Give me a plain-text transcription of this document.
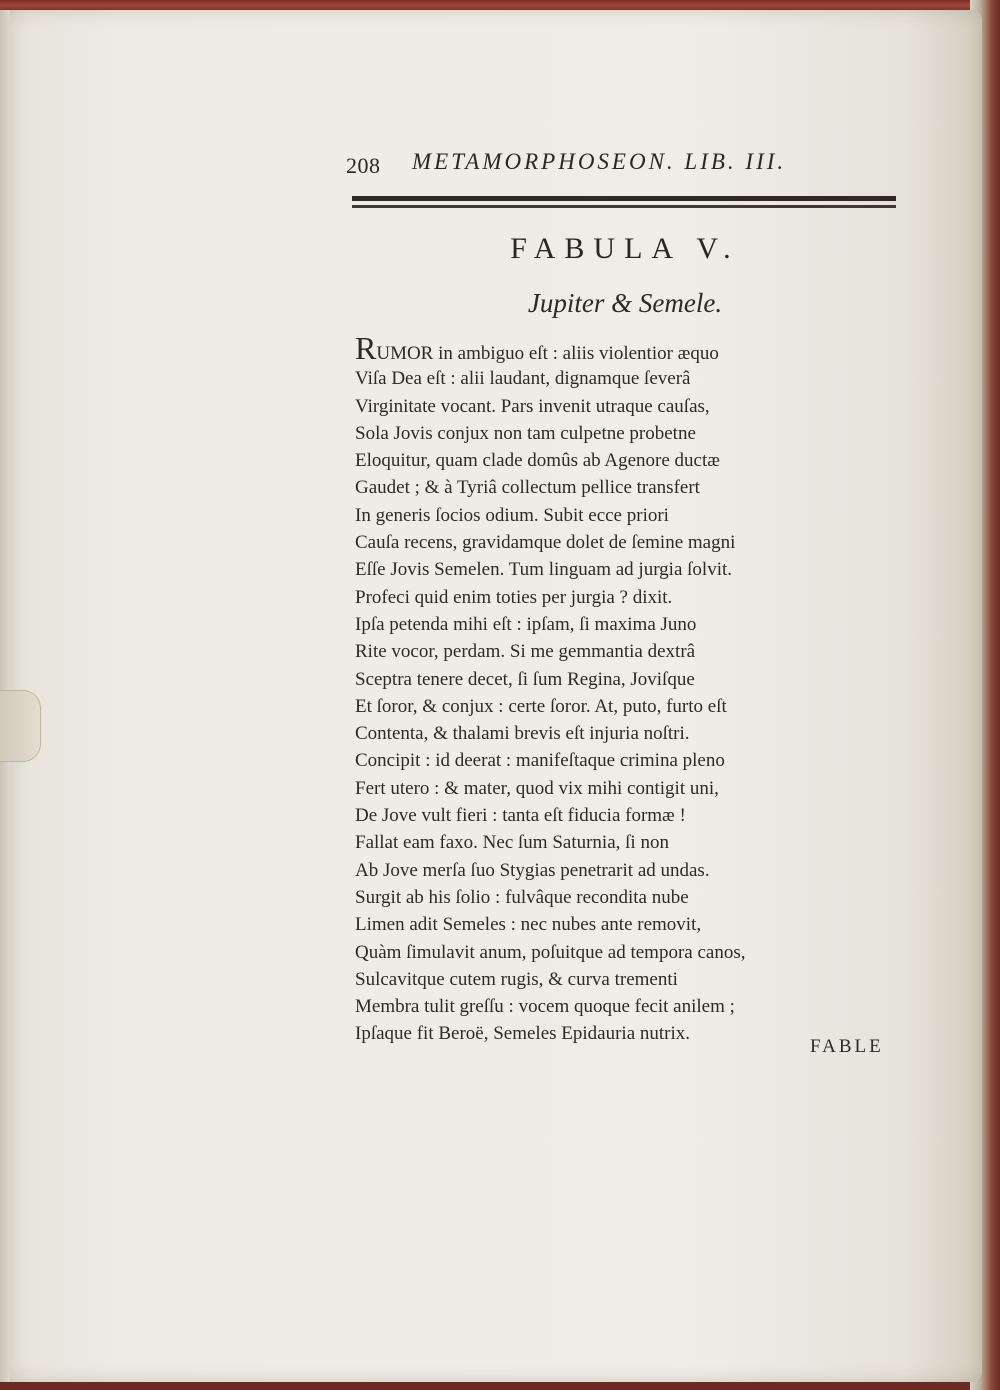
208 METAMORPHOSEON. LIB. III.
FABULA V.
Jupiter & Semele.
RUMOR in ambiguo eſt : aliis violentior æquo
Viſa Dea eſt : alii laudant, dignamque ſeverâ
Virginitate vocant. Pars invenit utraque cauſas,
Sola Jovis conjux non tam culpetne probetne
Eloquitur, quam clade domûs ab Agenore ductæ
Gaudet ; & à Tyriâ collectum pellice transfert
In generis ſocios odium. Subit ecce priori
Cauſa recens, gravidamque dolet de ſemine magni
Eſſe Jovis Semelen. Tum linguam ad jurgia ſolvit.
Profeci quid enim toties per jurgia ? dixit.
Ipſa petenda mihi eſt : ipſam, ſi maxima Juno
Rite vocor, perdam. Si me gemmantia dextrâ
Sceptra tenere decet, ſi ſum Regina, Joviſque
Et ſoror, & conjux : certe ſoror. At, puto, furto eſt
Contenta, & thalami brevis eſt injuria noſtri.
Concipit : id deerat : manifeſtaque crimina pleno
Fert utero : & mater, quod vix mihi contigit uni,
De Jove vult fieri : tanta eſt fiducia formæ !
Fallat eam faxo. Nec ſum Saturnia, ſi non
Ab Jove merſa ſuo Stygias penetrarit ad undas.
Surgit ab his ſolio : fulvâque recondita nube
Limen adit Semeles : nec nubes ante removit,
Quàm ſimulavit anum, poſuitque ad tempora canos,
Sulcavitque cutem rugis, & curva trementi
Membra tulit greſſu : vocem quoque fecit anilem ;
Ipſaque fit Beroë, Semeles Epidauria nutrix.
FABLE
